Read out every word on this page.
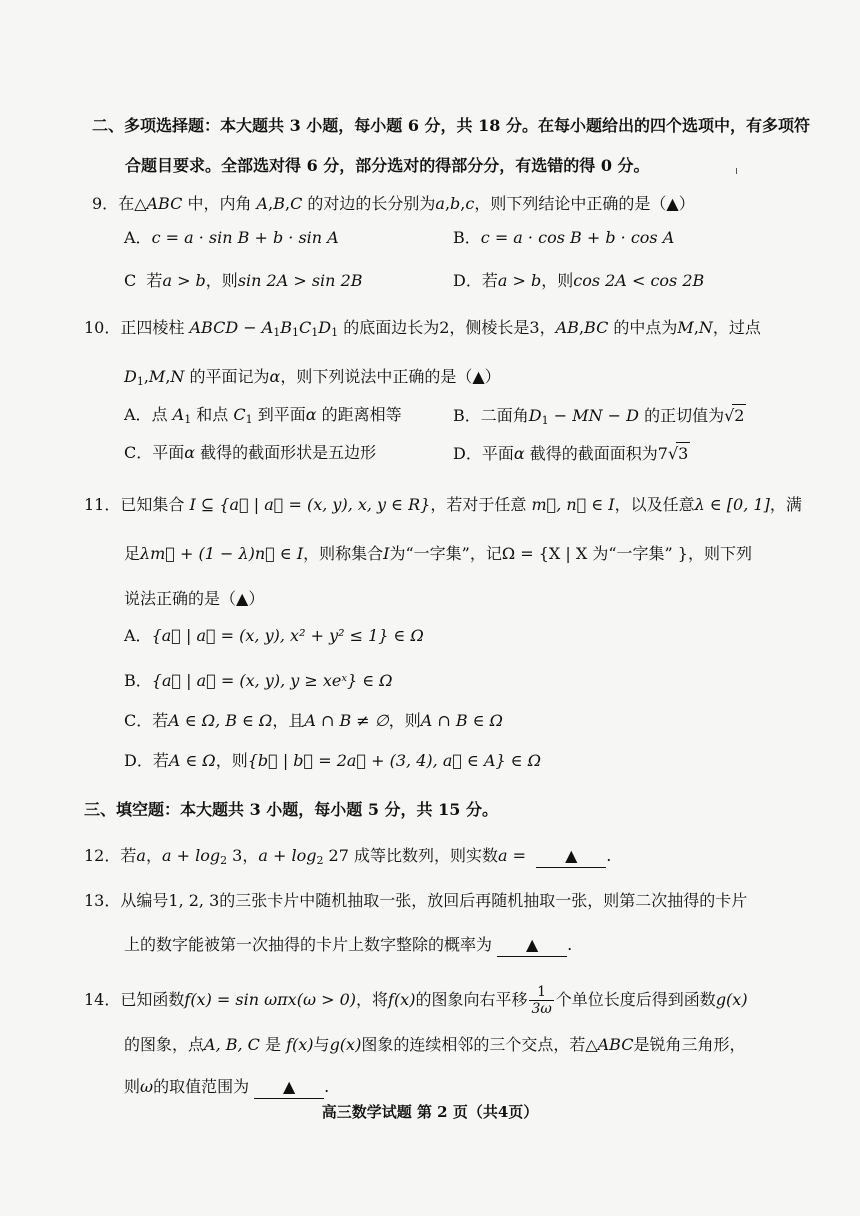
二、多项选择题：本大题共 3 小题，每小题 6 分，共 18 分。在每小题给出的四个选项中，有多项符
合题目要求。全部选对得 6 分，部分选对的得部分分，有选错的得 0 分。
9．在△ABC 中，内角 A,B,C 的对边的长分别为a,b,c，则下列结论中正确的是（▲）
A．c = a · sin B + b · sin A	B．c = a · cos B + b · cos A
C 若a > b，则sin 2A > sin 2B	D．若a > b，则cos 2A < cos 2B
10．正四棱柱 ABCD − $A_1B_1C_1D_1$ 的底面边长为2，侧棱长是3，AB,BC 的中点为M,N，过点
$D_1,M,N$ 的平面记为α，则下列说法中正确的是（▲）
A．点 $A_1$ 和点 $C_1$ 到平面α 的距离相等	B．二面角$D_1$ − MN − D 的正切值为√2
C．平面α 截得的截面形状是五边形	D．平面α 截得的截面面积为7√3
11．已知集合 I ⊆ {a⃗ | a⃗ = (x, y), x, y ∈ R}，若对于任意 m⃗, n⃗ ∈ I，以及任意λ ∈ [0, 1]，满
足λm⃗ + (1 − λ)n⃗ ∈ I，则称集合I为“一字集”，记Ω = {X | X 为“一字集” }，则下列
说法正确的是（▲）
A．{a⃗ | a⃗ = (x, y), x² + y² ≤ 1} ∈ Ω
B．{a⃗ | a⃗ = (x, y), y ≥ xeˣ} ∈ Ω
C．若A ∈ Ω, B ∈ Ω，且A ∩ B ≠ ∅，则A ∩ B ∈ Ω
D．若A ∈ Ω，则{b⃗ | b⃗ = 2a⃗ + (3, 4), a⃗ ∈ A} ∈ Ω
三、填空题：本大题共 3 小题，每小题 5 分，共 15 分。
12．若a，$a + \log_2 3$，$a + \log_2 27$ 成等比数列，则实数a =  ▲ .
13．从编号1, 2, 3的三张卡片中随机抽取一张，放回后再随机抽取一张，则第二次抽得的卡片
上的数字能被第一次抽得的卡片上数字整除的概率为 ▲ .
14．已知函数f(x) = sin ωπx(ω > 0)，将f(x)的图象向右平移 $\frac{1}{3\omega}$ 个单位长度后得到函数g(x)
的图象，点A, B, C 是 f(x)与g(x)图象的连续相邻的三个交点，若△ABC是锐角三角形，
则ω的取值范围为 ▲ .
高三数学试题 第 2 页（共4页）
